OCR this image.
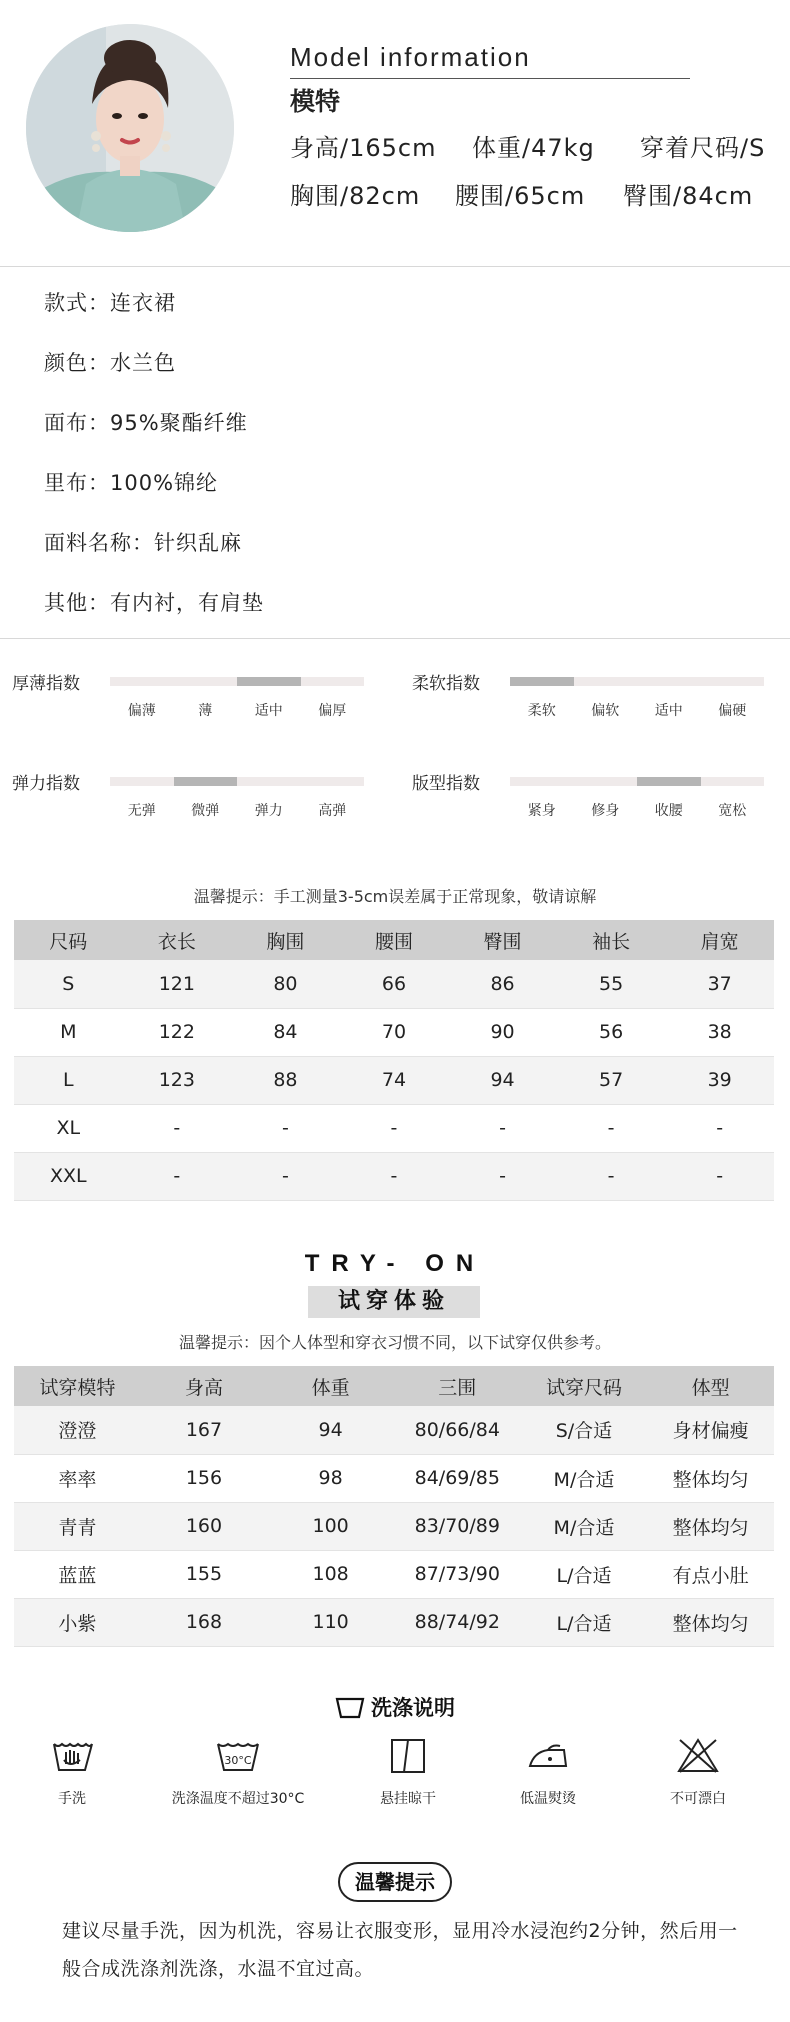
Model information
模特
身高/165cm 体重/47kg 穿着尺码/S
胸围/82cm 腰围/65cm 臀围/84cm
款式：连衣裙
颜色：水兰色
面布：95%聚酯纤维
里布：100%锦纶
面料名称：针织乱麻
其他：有内衬，有肩垫
厚薄指数
偏薄	薄	适中	偏厚
柔软指数
柔软	偏软	适中	偏硬
弹力指数
无弹	微弹	弹力	高弹
版型指数
紧身	修身	收腰	宽松
温馨提示：手工测量3-5cm误差属于正常现象，敬请谅解
尺码	衣长	胸围	腰围	臀围	袖长	肩宽
S	121	80	66	86	55	37
M	122	84	70	90	56	38
L	123	88	74	94	57	39
XL	-	-	-	-	-	-
XXL	-	-	-	-	-	-
TRY- ON
试穿体验
温馨提示：因个人体型和穿衣习惯不同，以下试穿仅供参考。
试穿模特	身高	体重	三围	试穿尺码	体型
澄澄	167	94	80/66/84	S/合适	身材偏瘦
率率	156	98	84/69/85	M/合适	整体均匀
青青	160	100	83/70/89	M/合适	整体均匀
蓝蓝	155	108	87/73/90	L/合适	有点小肚
小紫	168	110	88/74/92	L/合适	整体均匀
洗涤说明
手洗
30°C
洗涤温度不超过30°C	悬挂晾干	低温熨烫	不可漂白
温馨提示
建议尽量手洗，因为机洗，容易让衣服变形，显用冷水浸泡约2分钟，然后用一般合成洗涤剂洗涤，水温不宜过高。
